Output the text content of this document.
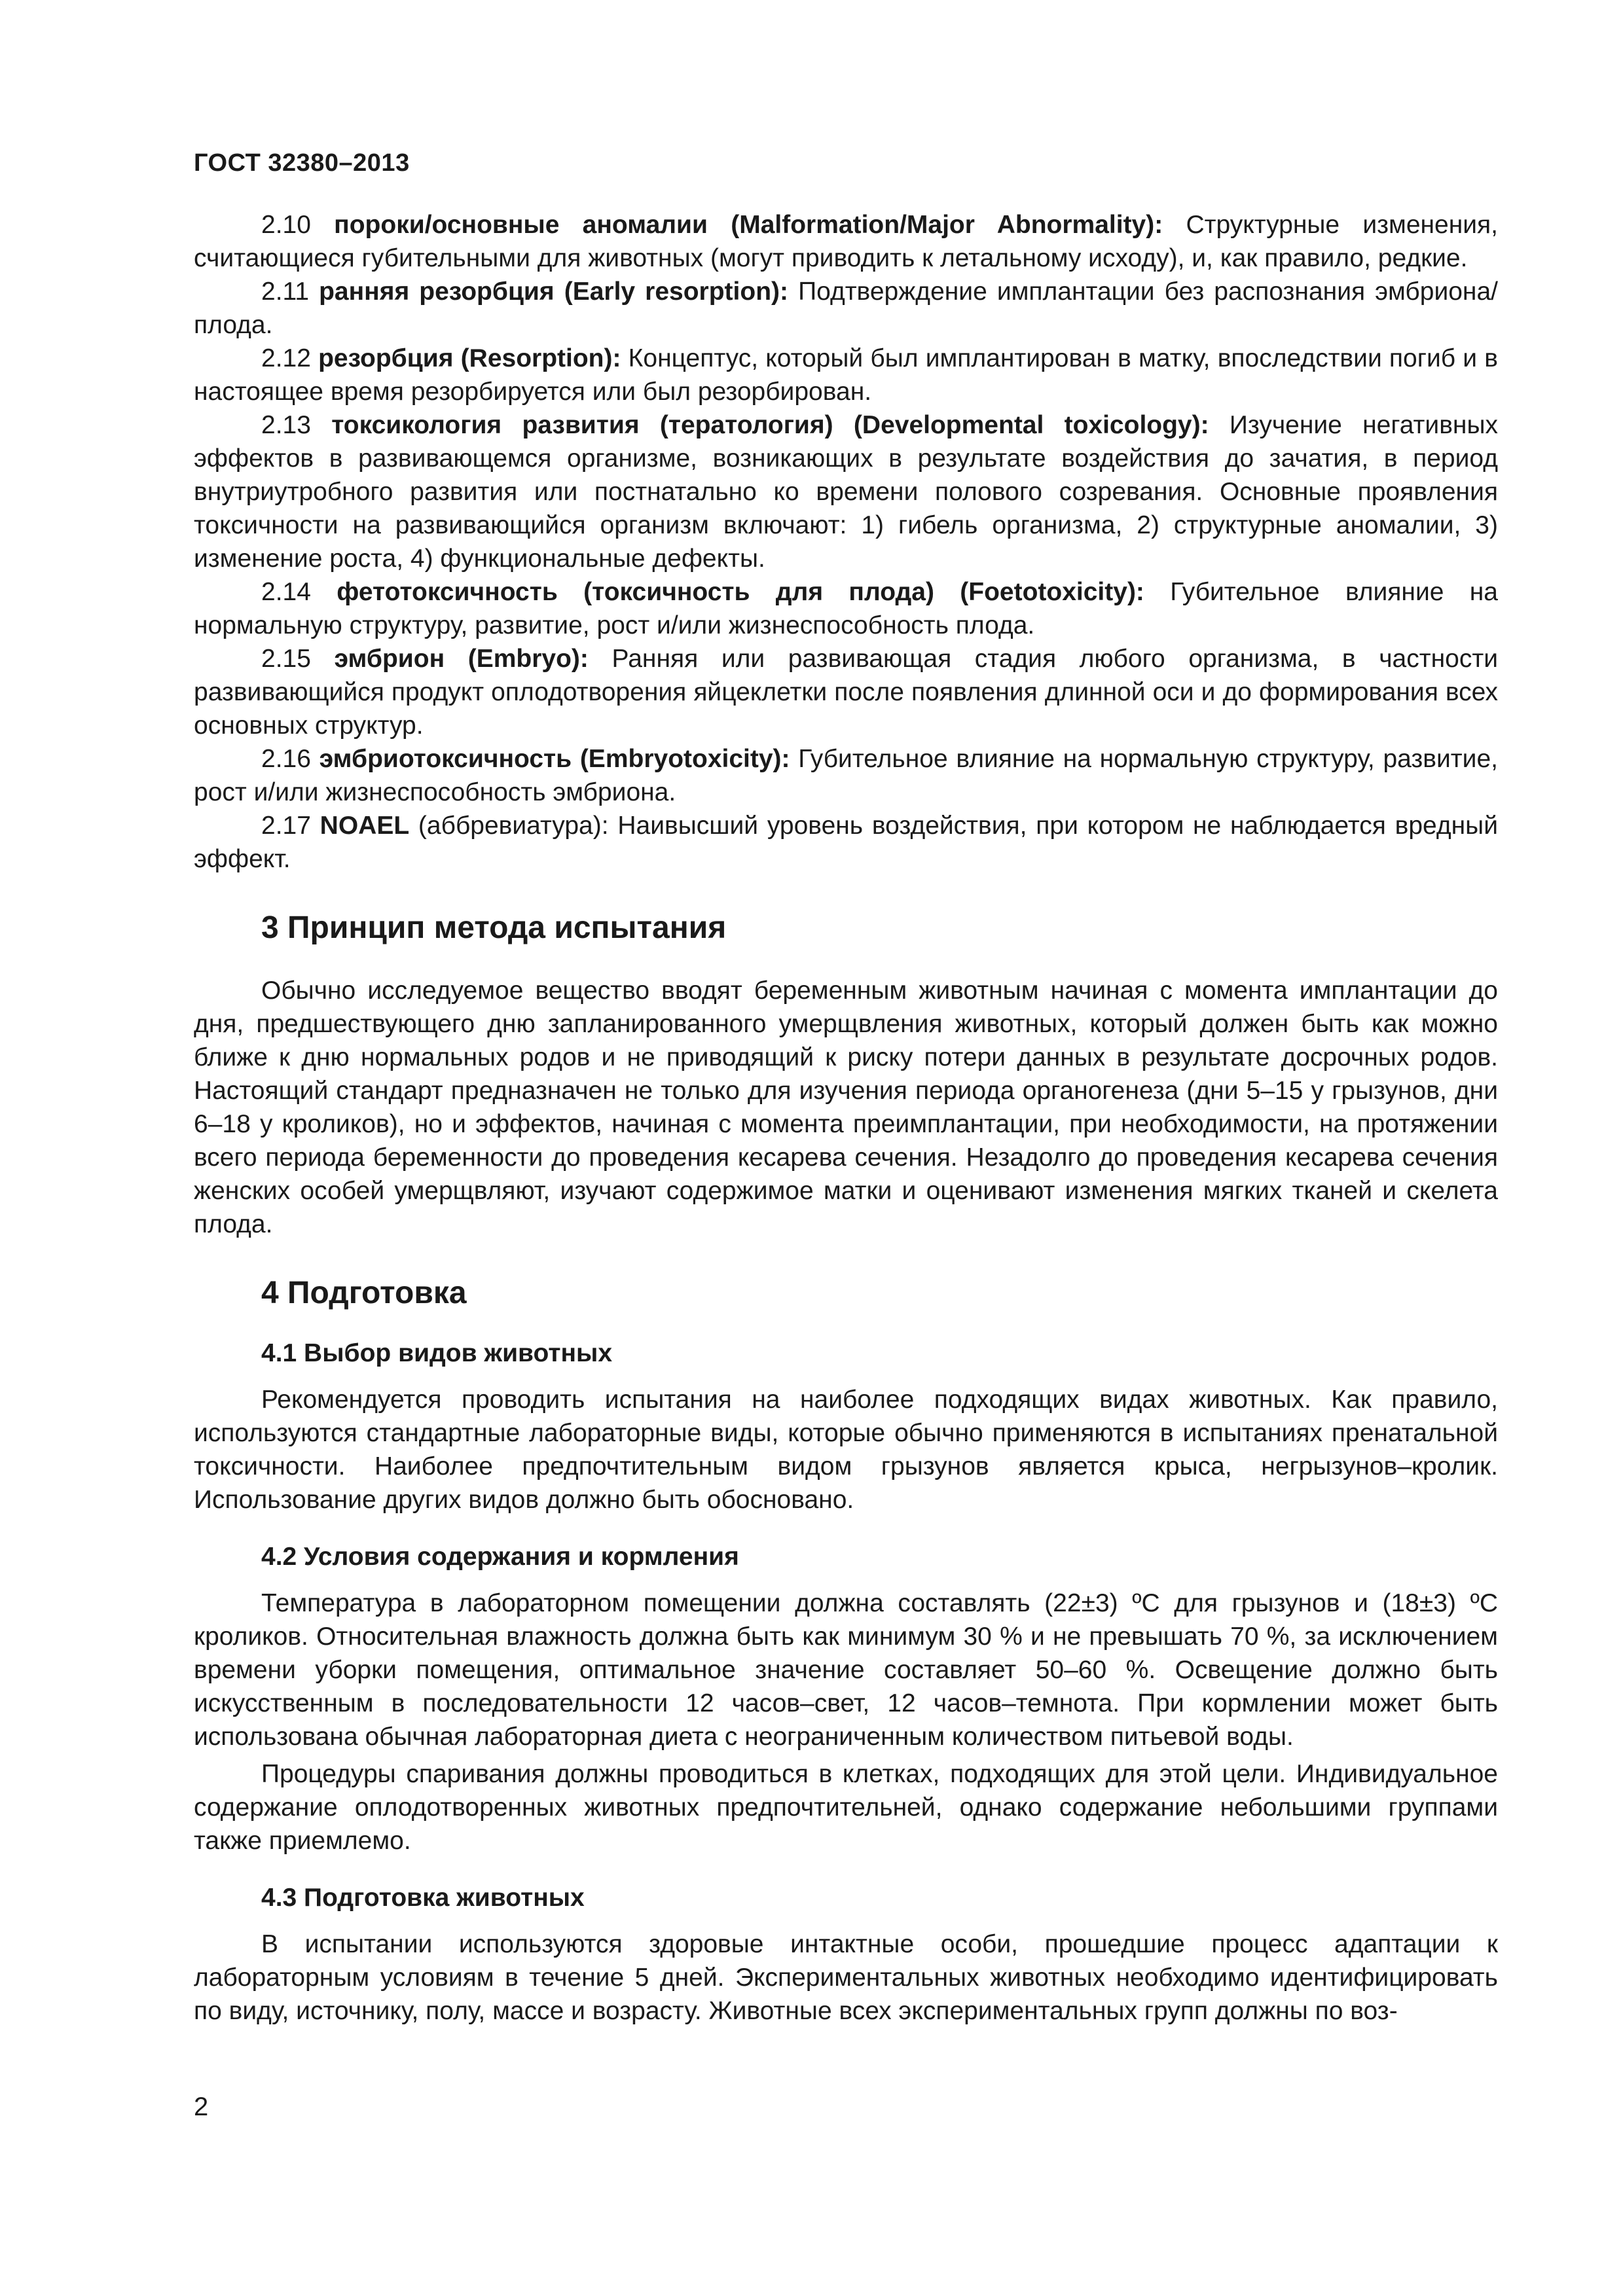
ГОСТ 32380–2013

2.10 пороки/основные аномалии (Malformation/Major Abnormality): Структурные изменения, считающиеся губительными для животных (могут приводить к летальному исходу), и, как правило, редкие.

2.11 ранняя резорбция (Early resorption): Подтверждение имплантации без распознания эмбриона/плода.

2.12 резорбция (Resorption): Концептус, который был имплантирован в матку, впоследствии погиб и в настоящее время резорбируется или был резорбирован.

2.13 токсикология развития (тератология) (Developmental toxicology): Изучение негативных эффектов в развивающемся организме, возникающих в результате воздействия до зачатия, в период внутриутробного развития или постнатально ко времени полового созревания. Основные проявления токсичности на развивающийся организм включают: 1) гибель организма, 2) структурные аномалии, 3) изменение роста, 4) функциональные дефекты.

2.14 фетотоксичность (токсичность для плода) (Foetotoxicity): Губительное влияние на нормальную структуру, развитие, рост и/или жизнеспособность плода.

2.15 эмбрион (Embryo): Ранняя или развивающая стадия любого организма, в частности развивающийся продукт оплодотворения яйцеклетки после появления длинной оси и до формирования всех основных структур.

2.16 эмбриотоксичность (Embryotoxicity): Губительное влияние на нормальную структуру, развитие, рост и/или жизнеспособность эмбриона.

2.17 NOAEL (аббревиатура): Наивысший уровень воздействия, при котором не наблюдается вредный эффект.

3 Принцип метода испытания

Обычно исследуемое вещество вводят беременным животным начиная с момента имплантации до дня, предшествующего дню запланированного умерщвления животных, который должен быть как можно ближе к дню нормальных родов и не приводящий к риску потери данных в результате досрочных родов. Настоящий стандарт предназначен не только для изучения периода органогенеза (дни 5–15 у грызунов, дни 6–18 у кроликов), но и эффектов, начиная с момента преимплантации, при необходимости, на протяжении всего периода беременности до проведения кесарева сечения. Незадолго до проведения кесарева сечения женских особей умерщвляют, изучают содержимое матки и оценивают изменения мягких тканей и скелета плода.

4 Подготовка
4.1 Выбор видов животных

Рекомендуется проводить испытания на наиболее подходящих видах животных. Как правило, используются стандартные лабораторные виды, которые обычно применяются в испытаниях пренатальной токсичности. Наиболее предпочтительным видом грызунов является крыса, негрызунов–кролик. Использование других видов должно быть обосновано.

4.2 Условия содержания и кормления

Температура в лабораторном помещении должна составлять (22±3) ºС для грызунов и (18±3) ºС кроликов. Относительная влажность должна быть как минимум 30 % и не превышать 70 %, за исключением времени уборки помещения, оптимальное значение составляет 50–60 %. Освещение должно быть искусственным в последовательности 12 часов–свет, 12 часов–темнота. При кормлении может быть использована обычная лабораторная диета с неограниченным количеством питьевой воды.

Процедуры спаривания должны проводиться в клетках, подходящих для этой цели. Индивидуальное содержание оплодотворенных животных предпочтительней, однако содержание небольшими группами также приемлемо.

4.3 Подготовка животных

В испытании используются здоровые интактные особи, прошедшие процесс адаптации к лабораторным условиям в течение 5 дней. Экспериментальных животных необходимо идентифицировать по виду, источнику, полу, массе и возрасту. Животные всех экспериментальных групп должны по воз-

2
